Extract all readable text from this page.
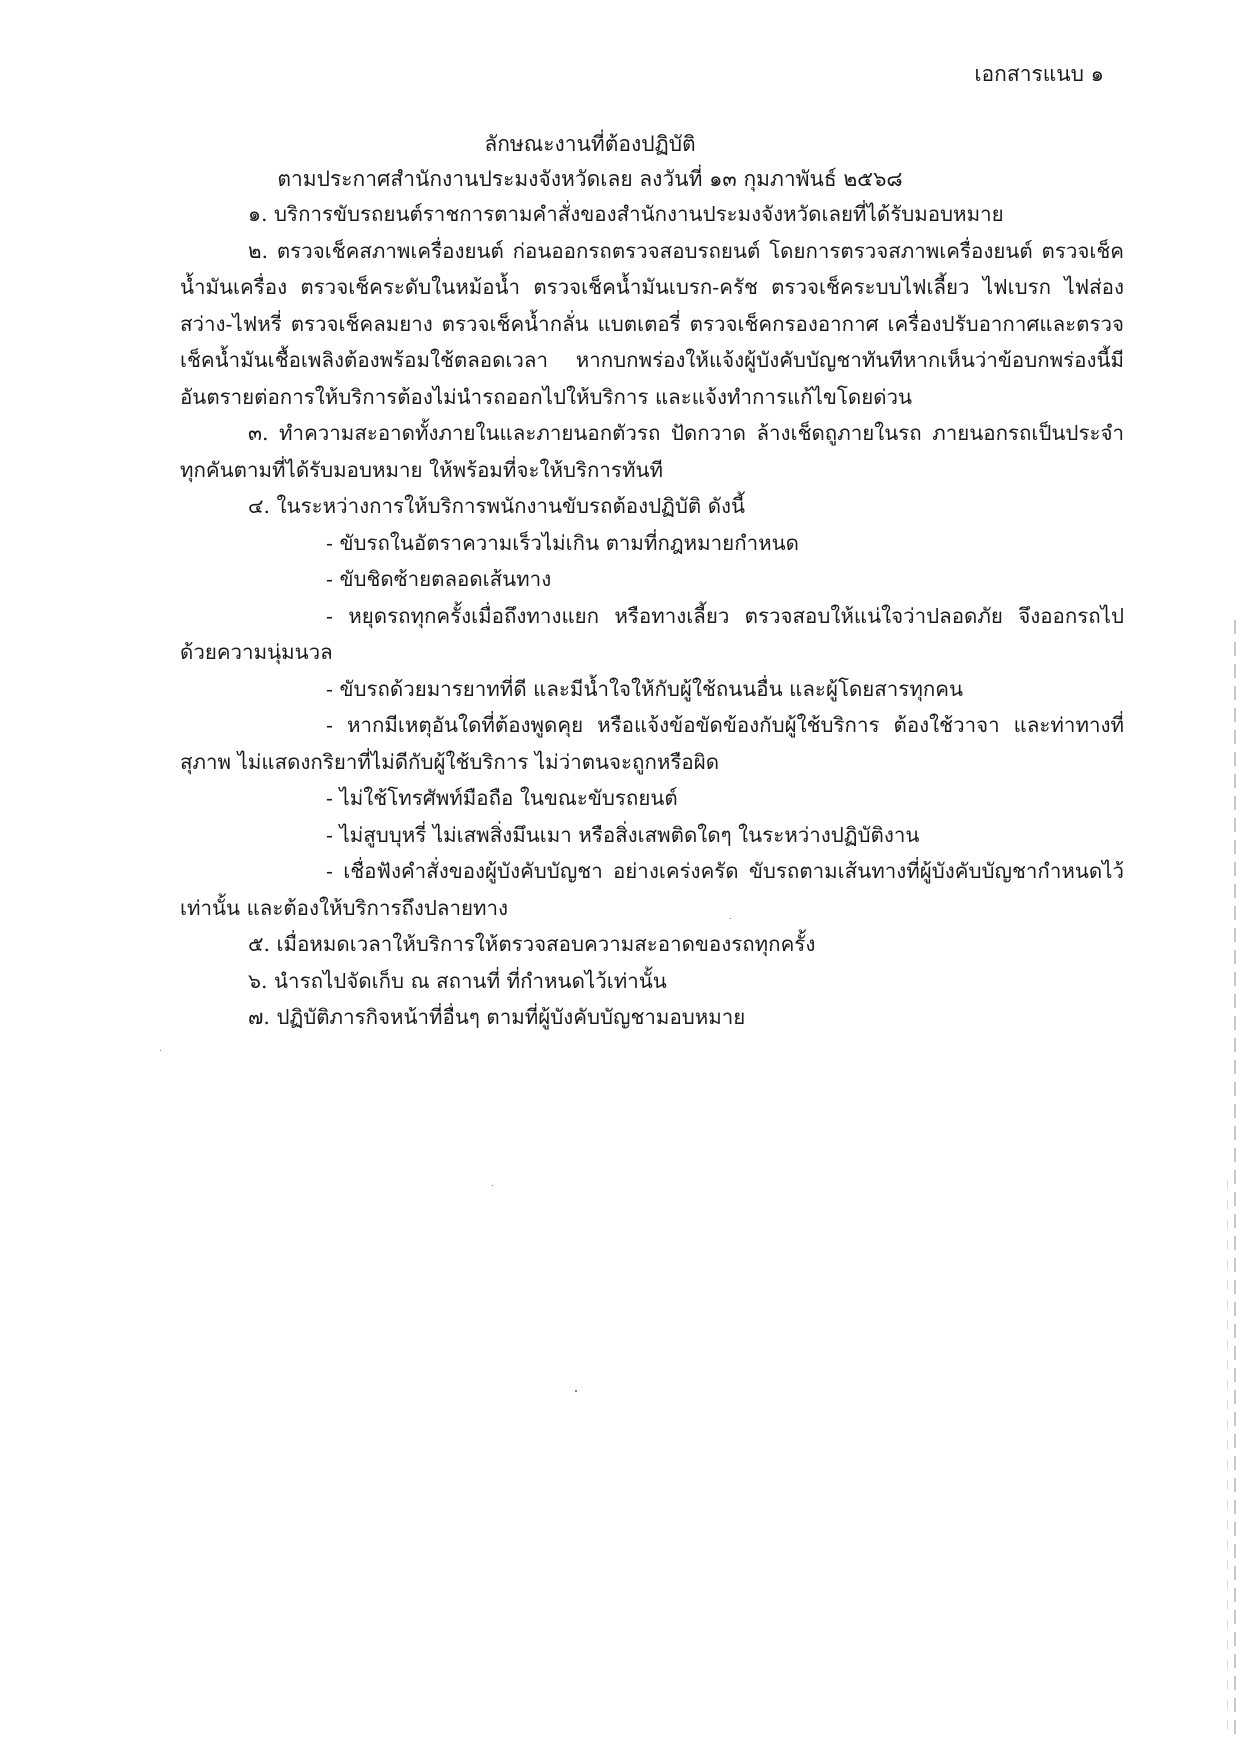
เอกสารแนบ ๑
ลักษณะงานที่ต้องปฏิบัติ
ตามประกาศสำนักงานประมงจังหวัดเลย ลงวันที่ ๑๓ กุมภาพันธ์ ๒๕๖๘

๑. บริการขับรถยนต์ราชการตามคำสั่งของสำนักงานประมงจังหวัดเลยที่ได้รับมอบหมาย

๒. ตรวจเช็คสภาพเครื่องยนต์ ก่อนออกรถตรวจสอบรถยนต์ โดยการตรวจสภาพเครื่องยนต์ ตรวจเช็คน้ำมันเครื่อง ตรวจเช็คระดับในหม้อน้ำ ตรวจเช็คน้ำมันเบรก-ครัช ตรวจเช็คระบบไฟเลี้ยว ไฟเบรก ไฟส่องสว่าง-ไฟหรี่ ตรวจเช็คลมยาง ตรวจเช็คน้ำกลั่น แบตเตอรี่ ตรวจเช็คกรองอากาศ เครื่องปรับอากาศและตรวจเช็คน้ำมันเชื้อเพลิงต้องพร้อมใช้ตลอดเวลา หากบกพร่องให้แจ้งผู้บังคับบัญชาทันทีหากเห็นว่าข้อบกพร่องนี้มีอันตรายต่อการให้บริการต้องไม่นำรถออกไปให้บริการ และแจ้งทำการแก้ไขโดยด่วน

๓. ทำความสะอาดทั้งภายในและภายนอกตัวรถ ปัดกวาด ล้างเช็ดถูภายในรถ ภายนอกรถเป็นประจำทุกคันตามที่ได้รับมอบหมาย ให้พร้อมที่จะให้บริการทันที

๔. ในระหว่างการให้บริการพนักงานขับรถต้องปฏิบัติ ดังนี้

- ขับรถในอัตราความเร็วไม่เกิน ตามที่กฎหมายกำหนด

- ขับชิดซ้ายตลอดเส้นทาง

- หยุดรถทุกครั้งเมื่อถึงทางแยก หรือทางเลี้ยว ตรวจสอบให้แน่ใจว่าปลอดภัย จึงออกรถไปด้วยความนุ่มนวล

- ขับรถด้วยมารยาทที่ดี และมีน้ำใจให้กับผู้ใช้ถนนอื่น และผู้โดยสารทุกคน

- หากมีเหตุอันใดที่ต้องพูดคุย หรือแจ้งข้อขัดข้องกับผู้ใช้บริการ ต้องใช้วาจา และท่าทางที่สุภาพ ไม่แสดงกริยาที่ไม่ดีกับผู้ใช้บริการ ไม่ว่าตนจะถูกหรือผิด

- ไม่ใช้โทรศัพท์มือถือ ในขณะขับรถยนต์

- ไม่สูบบุหรี่ ไม่เสพสิ่งมึนเมา หรือสิ่งเสพติดใดๆ ในระหว่างปฏิบัติงาน

- เชื่อฟังคำสั่งของผู้บังคับบัญชา อย่างเคร่งครัด ขับรถตามเส้นทางที่ผู้บังคับบัญชากำหนดไว้เท่านั้น และต้องให้บริการถึงปลายทาง

๕. เมื่อหมดเวลาให้บริการให้ตรวจสอบความสะอาดของรถทุกครั้ง

๖. นำรถไปจัดเก็บ ณ สถานที่ ที่กำหนดไว้เท่านั้น

๗. ปฏิบัติภารกิจหน้าที่อื่นๆ ตามที่ผู้บังคับบัญชามอบหมาย
